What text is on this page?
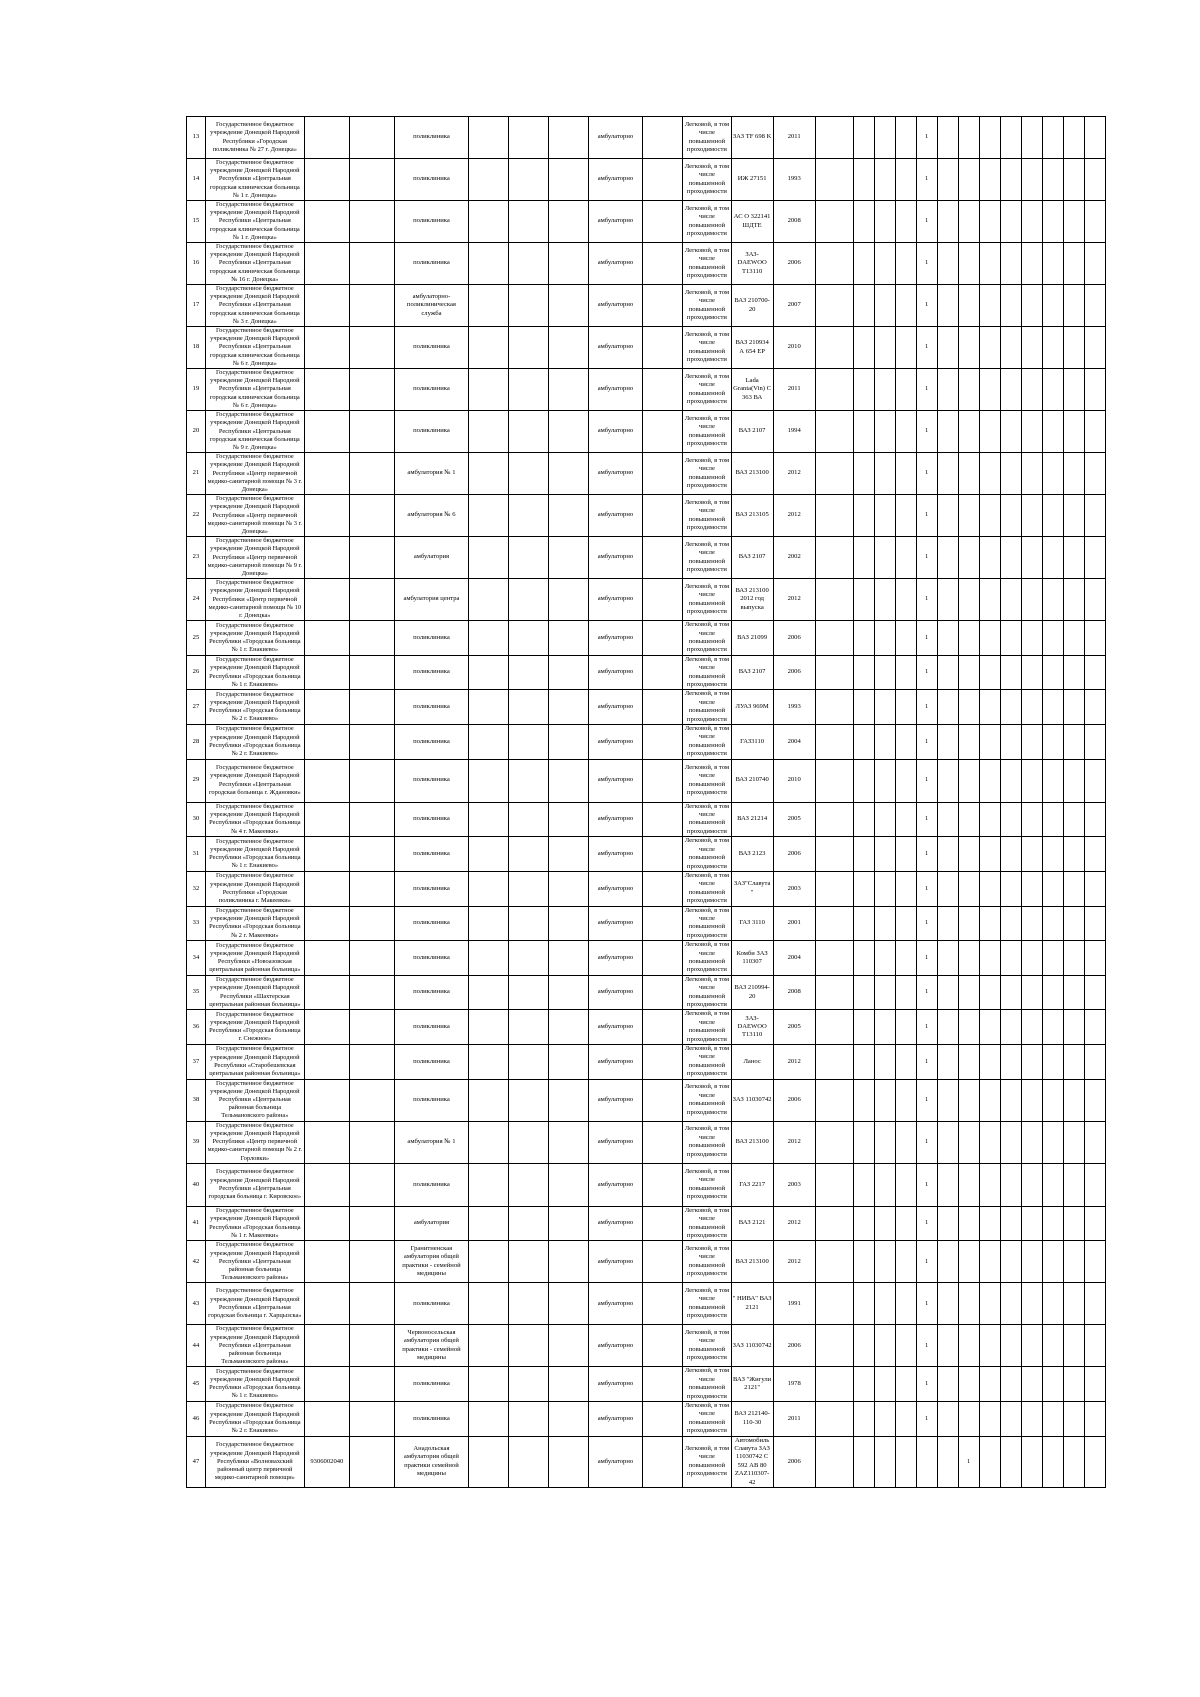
13	Государственное бюджетное учреждение Донецкой Народной Республики «Городская поликлиника № 27 г. Донецка»			поликлиника				амбулаторно		Легковой, в том числе повышенной проходимости	ЗАЗ TF 698 K	2011					1								
14	Государственное бюджетное учреждение Донецкой Народной Республики «Центральная городская клиническая больница № 1 г. Донецка»			поликлиника				амбулаторно		Легковой, в том числе повышенной проходимости	ИЖ 27151	1993					1								
15	Государственное бюджетное учреждение Донецкой Народной Республики «Центральная городская клиническая больница № 1 г. Донецка»			поликлиника				амбулаторно		Легковой, в том числе повышенной проходимости	АС О 322141 ШДТЕ	2008					1								
16	Государственное бюджетное учреждение Донецкой Народной Республики «Центральная городская клиническая больница № 16 г. Донецка»			поликлиника				амбулаторно		Легковой, в том числе повышенной проходимости	ЗАЗ-DAEWOO T13110	2006					1								
17	Государственное бюджетное учреждение Донецкой Народной Республики «Центральная городская клиническая больница № 3 г. Донецка»			амбулаторно-поликлиническая служба				амбулаторно		Легковой, в том числе повышенной проходимости	ВАЗ 210700-20	2007					1								
18	Государственное бюджетное учреждение Донецкой Народной Республики «Центральная городская клиническая больница № 6 г. Донецка»			поликлиника				амбулаторно		Легковой, в том числе повышенной проходимости	ВАЗ 210934 А 654 ЕР	2010					1								
19	Государственное бюджетное учреждение Донецкой Народной Республики «Центральная городская клиническая больница № 6 г. Донецка»			поликлиника				амбулаторно		Легковой, в том числе повышенной проходимости	Lada Granta(Vin) С 363 ВА	2011					1								
20	Государственное бюджетное учреждение Донецкой Народной Республики «Центральная городская клиническая больница № 9 г. Донецка»			поликлиника				амбулаторно		Легковой, в том числе повышенной проходимости	ВАЗ 2107	1994					1								
21	Государственное бюджетное учреждение Донецкой Народной Республики «Центр первичной медико-санитарной помощи № 3 г. Донецка»			амбулатория № 1				амбулаторно		Легковой, в том числе повышенной проходимости	ВАЗ 213100	2012					1								
22	Государственное бюджетное учреждение Донецкой Народной Республики «Центр первичной медико-санитарной помощи № 3 г. Донецка»			амбулатория № 6				амбулаторно		Легковой, в том числе повышенной проходимости	ВАЗ 213105	2012					1								
23	Государственное бюджетное учреждение Донецкой Народной Республики «Центр первичной медико-санитарной помощи № 9 г. Донецка»			амбулатория				амбулаторно		Легковой, в том числе повышенной проходимости	ВАЗ 2107	2002					1								
24	Государственное бюджетное учреждение Донецкой Народной Республики «Центр первичной медико-санитарной помощи № 10 г. Донецка»			амбулатория центра				амбулаторно		Легковой, в том числе повышенной проходимости	ВАЗ 213100 2012 год выпуска	2012					1								
25	Государственное бюджетное учреждение Донецкой Народной Республики «Городская больница № 1 г. Енакиево»			поликлиника				амбулаторно		Легковой, в том числе повышенной проходимости	ВАЗ 21099	2006					1								
26	Государственное бюджетное учреждение Донецкой Народной Республики «Городская больница № 1 г. Енакиево»			поликлиника				амбулаторно		Легковой, в том числе повышенной проходимости	ВАЗ 2107	2006					1								
27	Государственное бюджетное учреждение Донецкой Народной Республики «Городская больница № 2 г. Енакиево»			поликлиника				амбулаторно		Легковой, в том числе повышенной проходимости	ЛУАЗ 969М	1993					1								
28	Государственное бюджетное учреждение Донецкой Народной Республики «Городская больница № 2 г. Енакиево»			поликлиника				амбулаторно		Легковой, в том числе повышенной проходимости	ГАЗ3110	2004					1								
29	Государственное бюджетное учреждение Донецкой Народной Республики «Центральная городская больница г. Ждановки»			поликлиника				амбулаторно		Легковой, в том числе повышенной проходимости	ВАЗ 210740	2010					1								
30	Государственное бюджетное учреждение Донецкой Народной Республики «Городская больница № 4 г. Макеевки»			поликлиника				амбулаторно		Легковой, в том числе повышенной проходимости	ВАЗ 21214	2005					1								
31	Государственное бюджетное учреждение Донецкой Народной Республики «Городская больница № 1 г. Енакиево»			поликлиника				амбулаторно		Легковой, в том числе повышенной проходимости	ВАЗ 2123	2006					1								
32	Государственное бюджетное учреждение Донецкой Народной Республики «Городская поликлиника г. Макеевки»			поликлиника				амбулаторно		Легковой, в том числе повышенной проходимости	ЗАЗ"Славута"	2003					1								
33	Государственное бюджетное учреждение Донецкой Народной Республики «Городская больница № 2 г. Макеевки»			поликлиника				амбулаторно		Легковой, в том числе повышенной проходимости	ГАЗ 3110	2001					1								
34	Государственное бюджетное учреждение Донецкой Народной Республики «Новоазовская центральная районная больница»			поликлиника				амбулаторно		Легковой, в том числе повышенной проходимости	Комби ЗАЗ 110307	2004					1								
35	Государственное бюджетное учреждение Донецкой Народной Республики «Шахтерская центральная районная больница»			поликлиника				амбулаторно		Легковой, в том числе повышенной проходимости	ВАЗ 210994-20	2008					1								
36	Государственное бюджетное учреждение Донецкой Народной Республики «Городская больница г. Снежное»			поликлиника				амбулаторно		Легковой, в том числе повышенной проходимости	ЗАЗ-DAEWOO T13110	2005					1								
37	Государственное бюджетное учреждение Донецкой Народной Республики «Старобешевская центральная районная больница»			поликлиника				амбулаторно		Легковой, в том числе повышенной проходимости	Ланос	2012					1								
38	Государственное бюджетное учреждение Донецкой Народной Республики «Центральная районная больница Тельмановского района»			поликлиника				амбулаторно		Легковой, в том числе повышенной проходимости	ЗАЗ 11030742	2006					1								
39	Государственное бюджетное учреждение Донецкой Народной Республики «Центр первичной медико-санитарной помощи № 2 г. Горловки»			амбулатория № 1				амбулаторно		Легковой, в том числе повышенной проходимости	ВАЗ 213100	2012					1								
40	Государственное бюджетное учреждение Донецкой Народной Республики «Центральная городская больница г. Кировское»			поликлиника				амбулаторно		Легковой, в том числе повышенной проходимости	ГАЗ 2217	2003					1								
41	Государственное бюджетное учреждение Донецкой Народной Республики «Городская больница № 1 г. Макеевки»			амбулатория				амбулаторно		Легковой, в том числе повышенной проходимости	ВАЗ 2121	2012					1								
42	Государственное бюджетное учреждение Донецкой Народной Республики «Центральная районная больница Тельмановского района»			Гранитненская амбулатория общей практики - семейной медицины				амбулаторно		Легковой, в том числе повышенной проходимости	ВАЗ 213100	2012					1								
43	Государственное бюджетное учреждение Донецкой Народной Республики «Центральная городская больница г. Харцызска»			поликлиника				амбулаторно		Легковой, в том числе повышенной проходимости	" НИВА" ВАЗ 2121	1991					1								
44	Государственное бюджетное учреждение Донецкой Народной Республики «Центральная районная больница Тельмановского района»			Червоносельская амбулатория общей практики - семейной медицины				амбулаторно		Легковой, в том числе повышенной проходимости	ЗАЗ 11030742	2006					1								
45	Государственное бюджетное учреждение Донецкой Народной Республики «Городская больница № 1 г. Енакиево»			поликлиника				амбулаторно		Легковой, в том числе повышенной проходимости	ВАЗ "Жигули 2121"	1978					1								
46	Государственное бюджетное учреждение Донецкой Народной Республики «Городская больница № 2 г. Енакиево»			поликлиника				амбулаторно		Легковой, в том числе повышенной проходимости	ВАЗ 212140-110-30	2011					1								
47	Государственное бюджетное учреждение Донецкой Народной Республики «Волновахский районный центр первичной медико-санитарной помощи»	9306002040		Анадольская амбулатория общей практики семейной медицины				амбулаторно		Легковой, в том числе повышенной проходимости	Автомобиль Славута ЗАЗ 11030742 С 592 АВ 80 ZAZ110307-42	2006							1						
